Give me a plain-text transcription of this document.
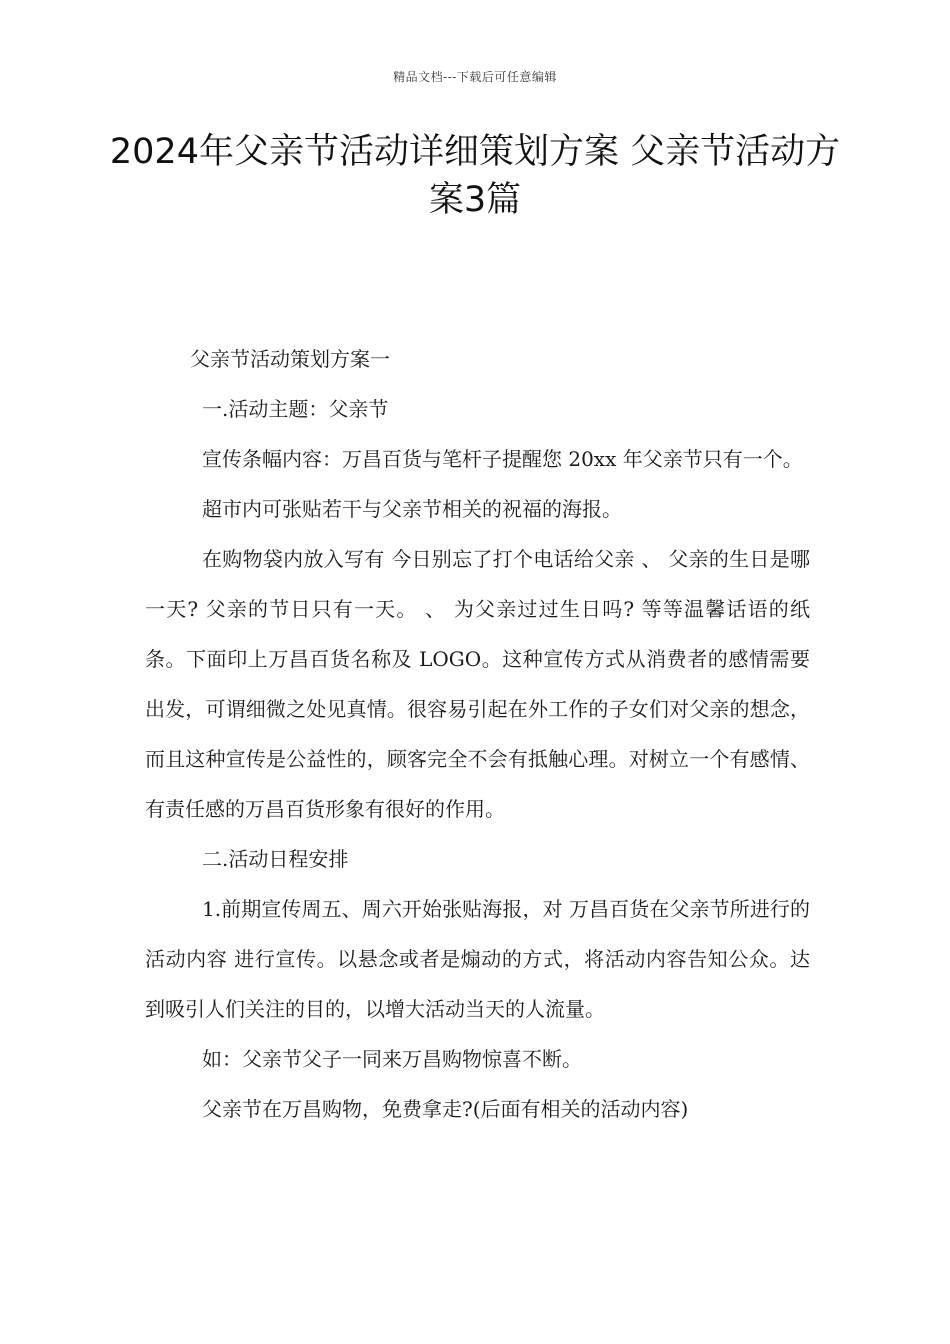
精品文档---下载后可任意编辑
2024年父亲节活动详细策划方案 父亲节活动方案3篇

父亲节活动策划方案一

一.活动主题：父亲节

宣传条幅内容：万昌百货与笔杆子提醒您 20xx 年父亲节只有一个。

超市内可张贴若干与父亲节相关的祝福的海报。

在购物袋内放入写有 今日别忘了打个电话给父亲 、 父亲的生日是哪一天? 父亲的节日只有一天。 、 为父亲过过生日吗? 等等温馨话语的纸条。下面印上万昌百货名称及 LOGO。这种宣传方式从消费者的感情需要出发，可谓细微之处见真情。很容易引起在外工作的子女们对父亲的想念，而且这种宣传是公益性的，顾客完全不会有抵触心理。对树立一个有感情、有责任感的万昌百货形象有很好的作用。

二.活动日程安排

1.前期宣传周五、周六开始张贴海报，对 万昌百货在父亲节所进行的活动内容 进行宣传。以悬念或者是煽动的方式，将活动内容告知公众。达到吸引人们关注的目的，以增大活动当天的人流量。

如：父亲节父子一同来万昌购物惊喜不断。

父亲节在万昌购物，免费拿走?(后面有相关的活动内容)
